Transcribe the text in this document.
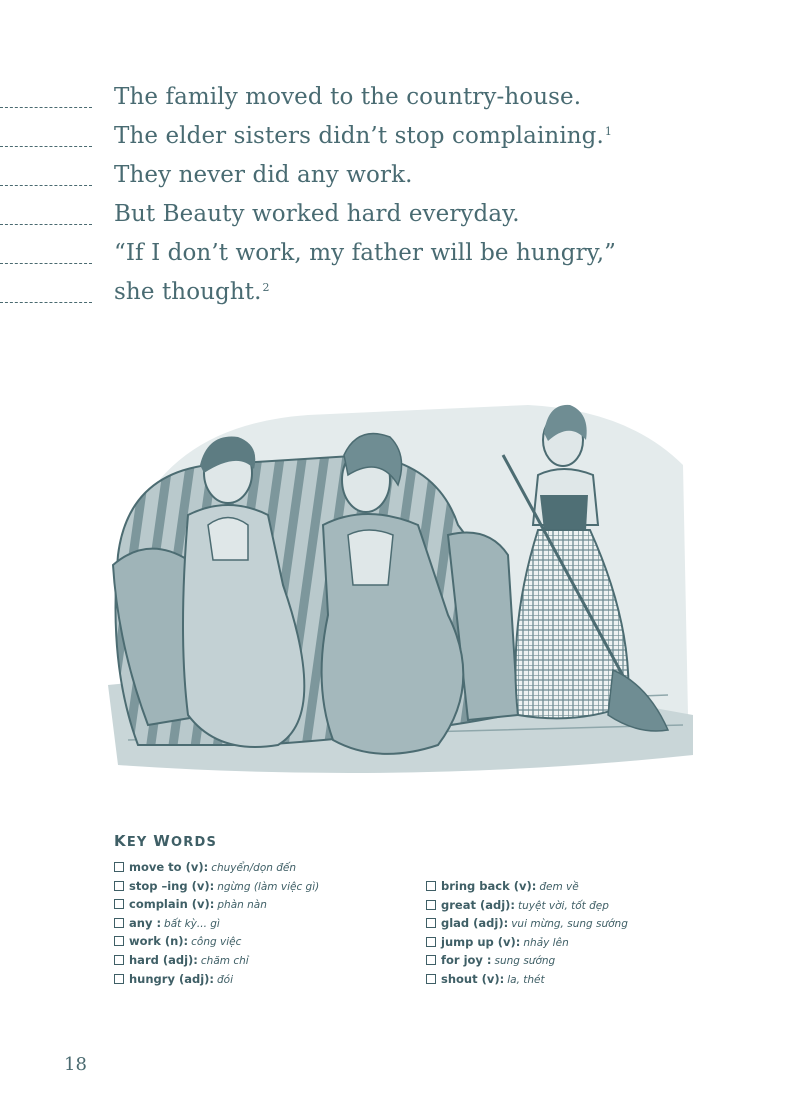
The family moved to the country-house.
The elder sisters didn’t stop complaining.$^1$
They never did any work.
But Beauty worked hard everyday.
“If I don’t work, my father will be hungry,”
she thought.$^2$
KEY WORDS
move to (v): chuyển/dọn đến
stop –ing (v): ngừng (làm việc gì)
complain (v): phàn nàn
any : bất kỳ... gì
work (n): công việc
hard (adj): chăm chỉ
hungry (adj): đói
bring back (v): đem về
great (adj): tuyệt vời, tốt đẹp
glad (adj): vui mừng, sung sướng
jump up (v): nhảy lên
for joy : sung sướng
shout (v): la, thét
18
